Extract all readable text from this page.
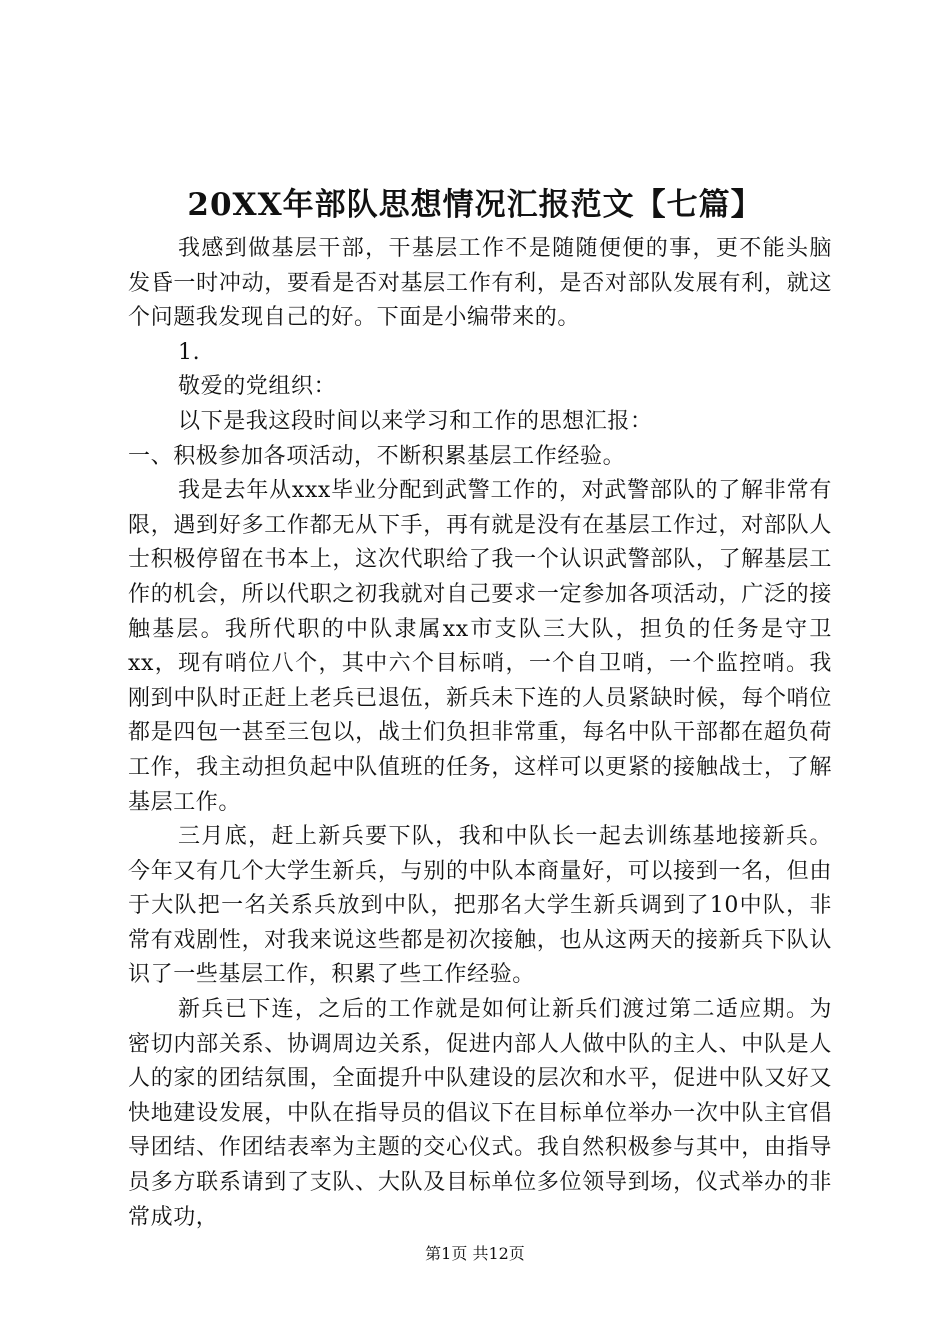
20XX年部队思想情况汇报范文【七篇】

我感到做基层干部，干基层工作不是随随便便的事，更不能头脑发昏一时冲动，要看是否对基层工作有利，是否对部队发展有利，就这个问题我发现自己的好。下面是小编带来的。

1.

敬爱的党组织：

以下是我这段时间以来学习和工作的思想汇报：

一、积极参加各项活动，不断积累基层工作经验。

我是去年从xxx毕业分配到武警工作的，对武警部队的了解非常有限，遇到好多工作都无从下手，再有就是没有在基层工作过，对部队人士积极停留在书本上，这次代职给了我一个认识武警部队，了解基层工作的机会，所以代职之初我就对自己要求一定参加各项活动，广泛的接触基层。我所代职的中队隶属xx市支队三大队，担负的任务是守卫xx，现有哨位八个，其中六个目标哨，一个自卫哨，一个监控哨。我刚到中队时正赶上老兵已退伍，新兵未下连的人员紧缺时候，每个哨位都是四包一甚至三包以，战士们负担非常重，每名中队干部都在超负荷工作，我主动担负起中队值班的任务，这样可以更紧的接触战士，了解基层工作。

三月底，赶上新兵要下队，我和中队长一起去训练基地接新兵。今年又有几个大学生新兵，与别的中队本商量好，可以接到一名，但由于大队把一名关系兵放到中队，把那名大学生新兵调到了10中队，非常有戏剧性，对我来说这些都是初次接触，也从这两天的接新兵下队认识了一些基层工作，积累了些工作经验。

新兵已下连，之后的工作就是如何让新兵们渡过第二适应期。为密切内部关系、协调周边关系，促进内部人人做中队的主人、中队是人人的家的团结氛围，全面提升中队建设的层次和水平，促进中队又好又快地建设发展，中队在指导员的倡议下在目标单位举办一次中队主官倡导团结、作团结表率为主题的交心仪式。我自然积极参与其中，由指导员多方联系请到了支队、大队及目标单位多位领导到场，仪式举办的非常成功，

第1页 共12页
